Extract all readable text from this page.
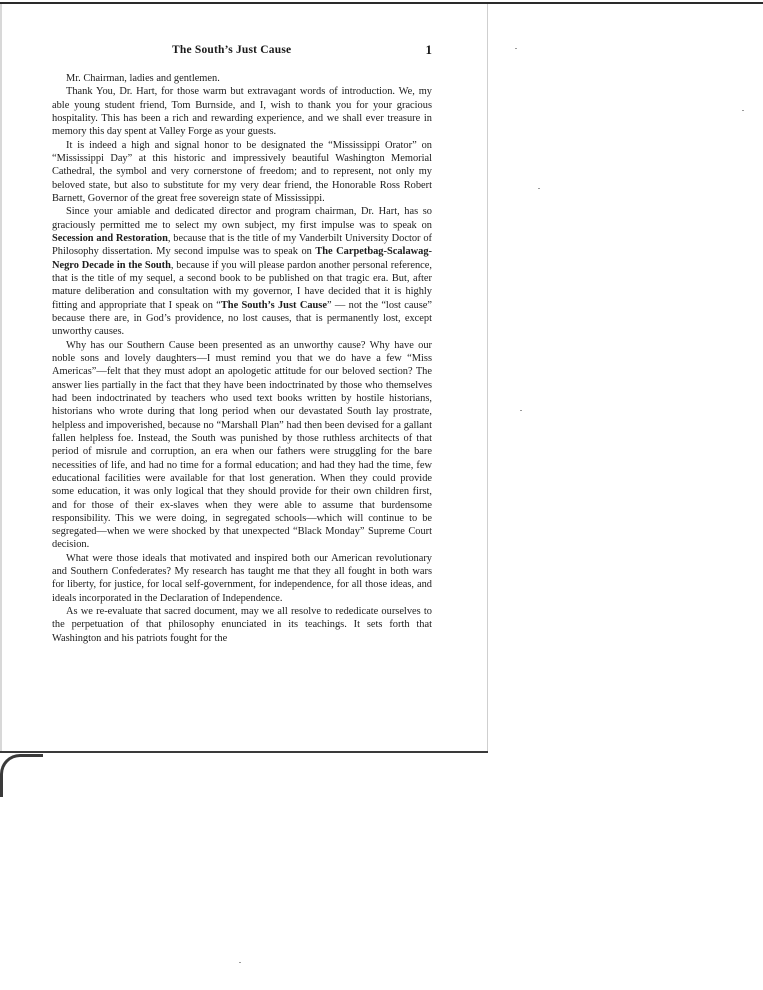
The South’s Just Cause	1

Mr. Chairman, ladies and gentlemen.

Thank You, Dr. Hart, for those warm but extravagant words of introduction. We, my able young student friend, Tom Burnside, and I, wish to thank you for your gracious hospitality. This has been a rich and rewarding experience, and we shall ever treasure in memory this day spent at Valley Forge as your guests.

It is indeed a high and signal honor to be designated the “Mississippi Orator” on “Mississippi Day” at this historic and impressively beautiful Washington Memorial Cathedral, the symbol and very cornerstone of freedom; and to represent, not only my beloved state, but also to substitute for my very dear friend, the Honorable Ross Robert Barnett, Governor of the great free sovereign state of Mississippi.

Since your amiable and dedicated director and program chairman, Dr. Hart, has so graciously permitted me to select my own subject, my first impulse was to speak on Secession and Restoration, because that is the title of my Vanderbilt University Doctor of Philosophy dissertation. My second impulse was to speak on The Carpetbag-Scalawag-Negro Decade in the South, because if you will please pardon another personal reference, that is the title of my sequel, a second book to be published on that tragic era. But, after mature deliberation and consultation with my governor, I have decided that it is highly fitting and appropriate that I speak on “The South’s Just Cause” — not the “lost cause” because there are, in God’s providence, no lost causes, that is permanently lost, except unworthy causes.

Why has our Southern Cause been presented as an unworthy cause? Why have our noble sons and lovely daughters—I must remind you that we do have a few “Miss Americas”—felt that they must adopt an apologetic attitude for our beloved section? The answer lies partially in the fact that they have been indoctrinated by those who themselves had been indoctrinated by teachers who used text books written by hostile historians, historians who wrote during that long period when our devastated South lay prostrate, helpless and impoverished, because no “Marshall Plan” had then been devised for a gallant fallen helpless foe. Instead, the South was punished by those ruthless architects of that period of misrule and corruption, an era when our fathers were struggling for the bare necessities of life, and had no time for a formal education; and had they had the time, few educational facilities were available for that lost generation. When they could provide some education, it was only logical that they should provide for their own children first, and for those of their ex-slaves when they were able to assume that burdensome responsibility. This we were doing, in segregated schools—which will continue to be segregated—when we were shocked by that unexpected “Black Monday” Supreme Court decision.

What were those ideals that motivated and inspired both our American revolutionary and Southern Confederates? My research has taught me that they all fought in both wars for liberty, for justice, for local self-government, for independence, for all those ideas, and ideals incorporated in the Declaration of Independence.

As we re-evaluate that sacred document, may we all resolve to rededicate ourselves to the perpetuation of that philosophy enunciated in its teachings. It sets forth that Washington and his patriots fought for the
